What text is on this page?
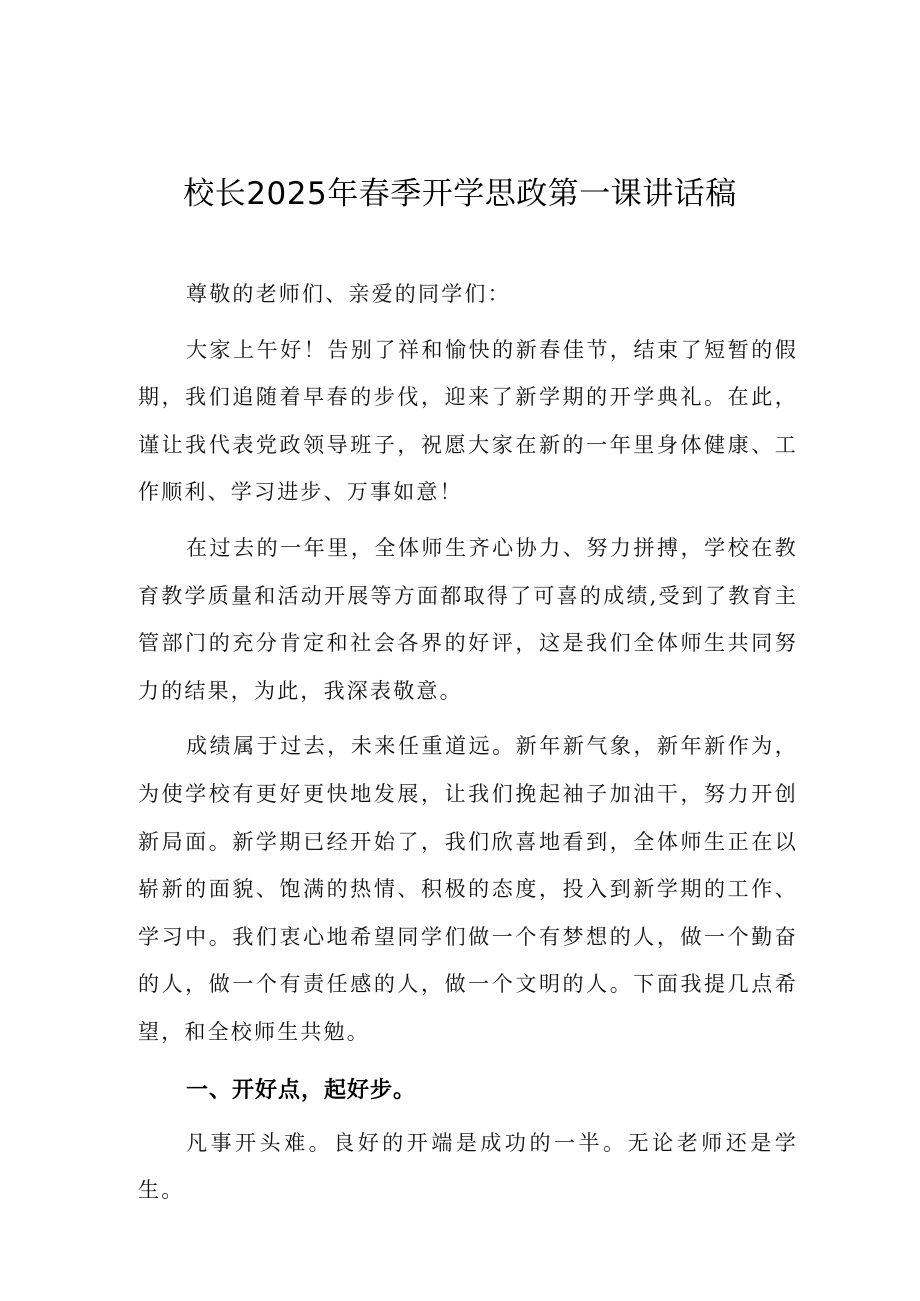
校长2025年春季开学思政第一课讲话稿

尊敬的老师们、亲爱的同学们：

大家上午好！告别了祥和愉快的新春佳节，结束了短暂的假期，我们追随着早春的步伐，迎来了新学期的开学典礼。在此，谨让我代表党政领导班子，祝愿大家在新的一年里身体健康、工作顺利、学习进步、万事如意！

在过去的一年里，全体师生齐心协力、努力拼搏，学校在教育教学质量和活动开展等方面都取得了可喜的成绩,受到了教育主管部门的充分肯定和社会各界的好评，这是我们全体师生共同努力的结果，为此，我深表敬意。

成绩属于过去，未来任重道远。新年新气象，新年新作为，为使学校有更好更快地发展，让我们挽起袖子加油干，努力开创新局面。新学期已经开始了，我们欣喜地看到，全体师生正在以崭新的面貌、饱满的热情、积极的态度，投入到新学期的工作、学习中。我们衷心地希望同学们做一个有梦想的人，做一个勤奋的人，做一个有责任感的人，做一个文明的人。下面我提几点希望，和全校师生共勉。

一、开好点，起好步。

凡事开头难。良好的开端是成功的一半。无论老师还是学生。
